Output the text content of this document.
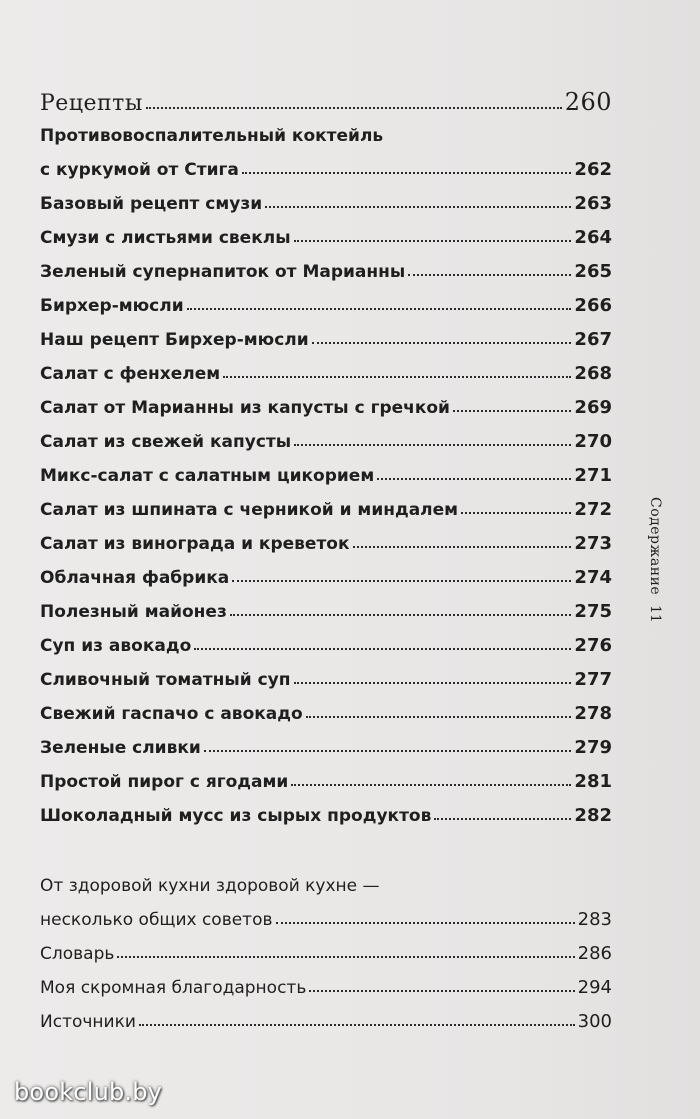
Рецепты	260
Противовоспалительный коктейль
с куркумой от Стига	262
Базовый рецепт смузи	263
Смузи с листьями свеклы	264
Зеленый супернапиток от Марианны	265
Бирхер-мюсли	266
Наш рецепт Бирхер-мюсли	267
Салат с фенхелем	268
Салат от Марианны из капусты с гречкой	269
Салат из свежей капусты	270
Микс-салат с салатным цикорием	271
Салат из шпината с черникой и миндалем	272
Салат из винограда и креветок	273
Облачная фабрика	274
Полезный майонез	275
Суп из авокадо	276
Сливочный томатный суп	277
Свежий гаспачо с авокадо	278
Зеленые сливки	279
Простой пирог с ягодами	281
Шоколадный мусс из сырых продуктов	282
От здоровой кухни здоровой кухне —
несколько общих советов	283
Словарь	286
Моя скромная благодарность	294
Источники	300
Содержание
11
bookclub.by
